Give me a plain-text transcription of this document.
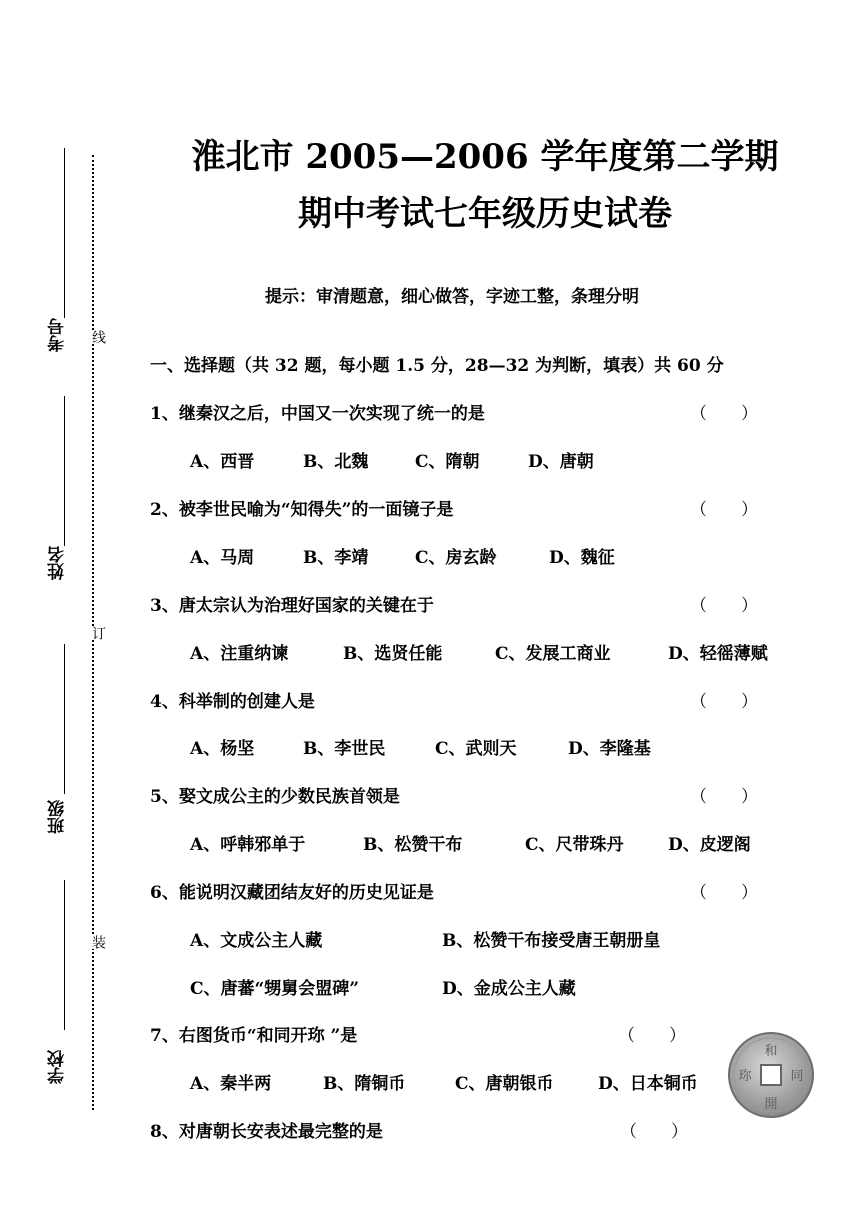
考号
姓名
班级
学校
线
订
装
淮北市 2005—2006 学年度第二学期
期中考试七年级历史试卷
提示：审清题意，细心做答，字迹工整，条理分明
一、选择题（共 32 题，每小题 1.5 分，28—32 为判断，填表）共 60 分
1、继秦汉之后，中国又一次实现了统一的是	（　　）
A、西晋	B、北魏	C、隋朝	D、唐朝
2、被李世民喻为“知得失”的一面镜子是	（　　）
A、马周	B、李靖	C、房玄龄	D、魏征
3、唐太宗认为治理好国家的关键在于	（　　）
A、注重纳谏	B、选贤任能	C、发展工商业	D、轻徭薄赋
4、科举制的创建人是	（　　）
A、杨坚	B、李世民	C、武则天	D、李隆基
5、娶文成公主的少数民族首领是	（　　）
A、呼韩邪单于	B、松赞干布	C、尺带珠丹	D、皮逻阁
6、能说明汉藏团结友好的历史见证是	（　　）
A、文成公主人藏	B、松赞干布接受唐王朝册皇
C、唐蕃“甥舅会盟碑”	D、金成公主人藏
7、右图货币“和同开珎 ”是	（　　）
A、秦半两	B、隋铜币	C、唐朝银币	D、日本铜币
和
開
珎	同
8、对唐朝长安表述最完整的是	（　　）
